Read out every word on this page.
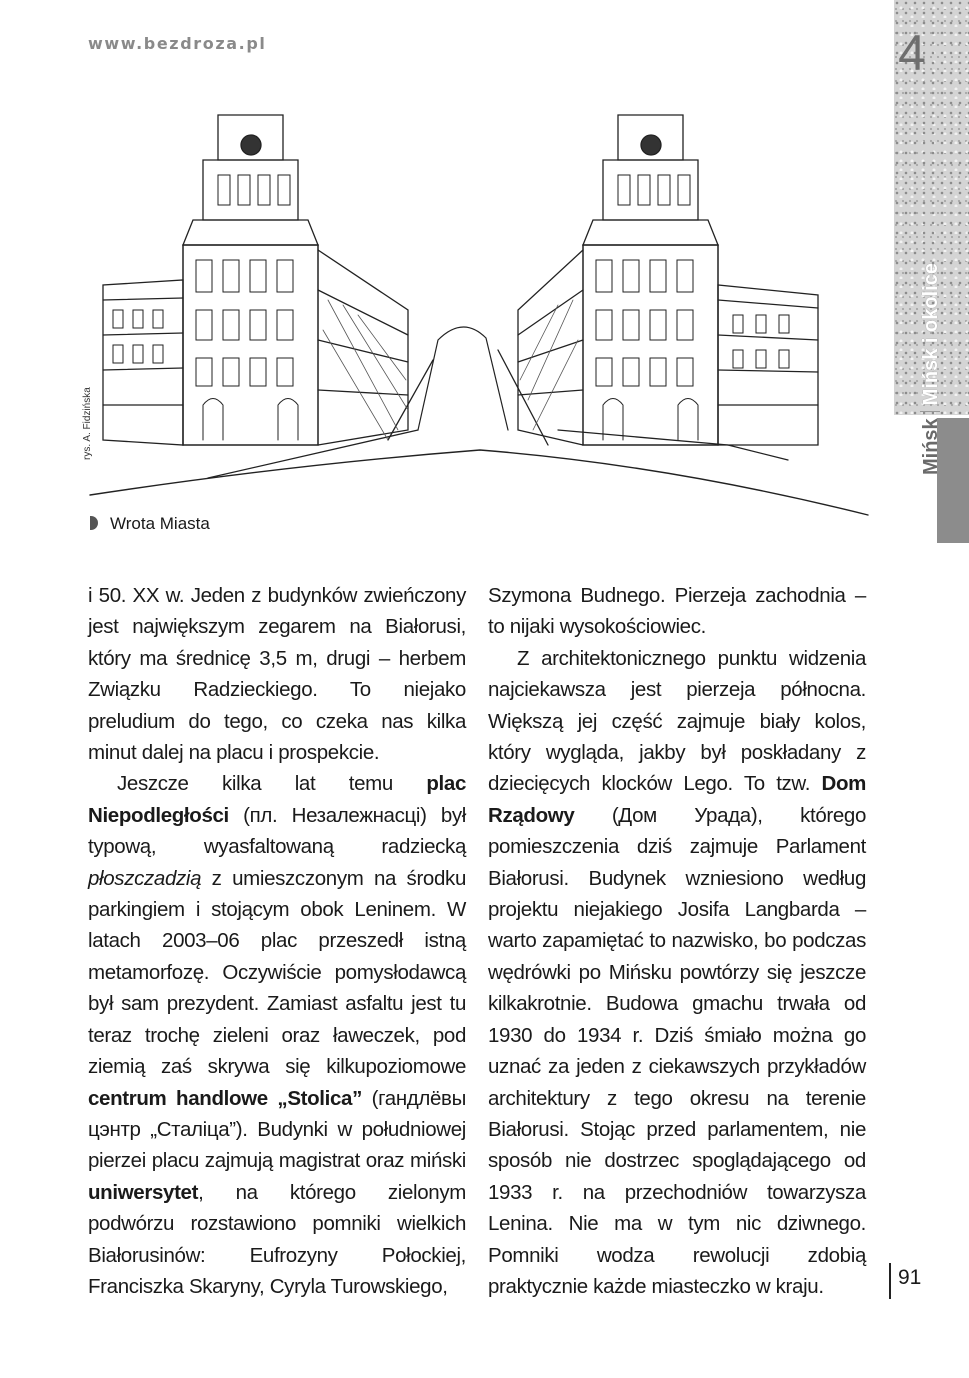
www.bezdroza.pl	4
MińskMińsk i okolice
rys. A. Fidzińska
Wrota Miasta

i 50. XX w. Jeden z budynków zwieńczony jest największym zegarem na Białorusi, który ma średnicę 3,5 m, drugi – herbem Związku Radzieckiego. To niejako preludium do tego, co czeka nas kilka minut dalej na placu i prospekcie.

Jeszcze kilka lat temu plac Niepodległości (пл. Незалежнасці) był typową, wyasfaltowaną radziecką płoszczadzią z umieszczonym na środku parkingiem i stojącym obok Leninem. W latach 2003–06 plac przeszedł istną metamorfozę. Oczywiście pomysłodawcą był sam prezydent. Zamiast asfaltu jest tu teraz trochę zieleni oraz ławeczek, pod ziemią zaś skrywa się kilkupoziomowe centrum handlowe „Stolica” (гандлёвы цэнтр „Сталіца”). Budynki w południowej pierzei placu zajmują magistrat oraz miński uniwersytet, na którego zielonym podwórzu rozstawiono pomniki wielkich Białorusinów: Eufrozyny Połockiej, Franciszka Skaryny, Cyryla Turowskiego,

Szymona Budnego. Pierzeja zachodnia – to nijaki wysokościowiec.

Z architektonicznego punktu widzenia najciekawsza jest pierzeja północna. Większą jej część zajmuje biały kolos, który wygląda, jakby był poskładany z dziecięcych klocków Lego. To tzw. Dom Rządowy (Дом Урада), którego pomieszczenia dziś zajmuje Parlament Białorusi. Budynek wzniesiono według projektu niejakiego Josifa Langbarda – warto zapamiętać to nazwisko, bo podczas wędrówki po Mińsku powtórzy się jeszcze kilkakrotnie. Budowa gmachu trwała od 1930 do 1934 r. Dziś śmiało można go uznać za jeden z ciekawszych przykładów architektury z tego okresu na terenie Białorusi. Stojąc przed parlamentem, nie sposób nie dostrzec spoglądającego od 1933 r. na przechodniów towarzysza Lenina. Nie ma w tym nic dziwnego. Pomniki wodza rewolucji zdobią praktycznie każde miasteczko w kraju.	91
